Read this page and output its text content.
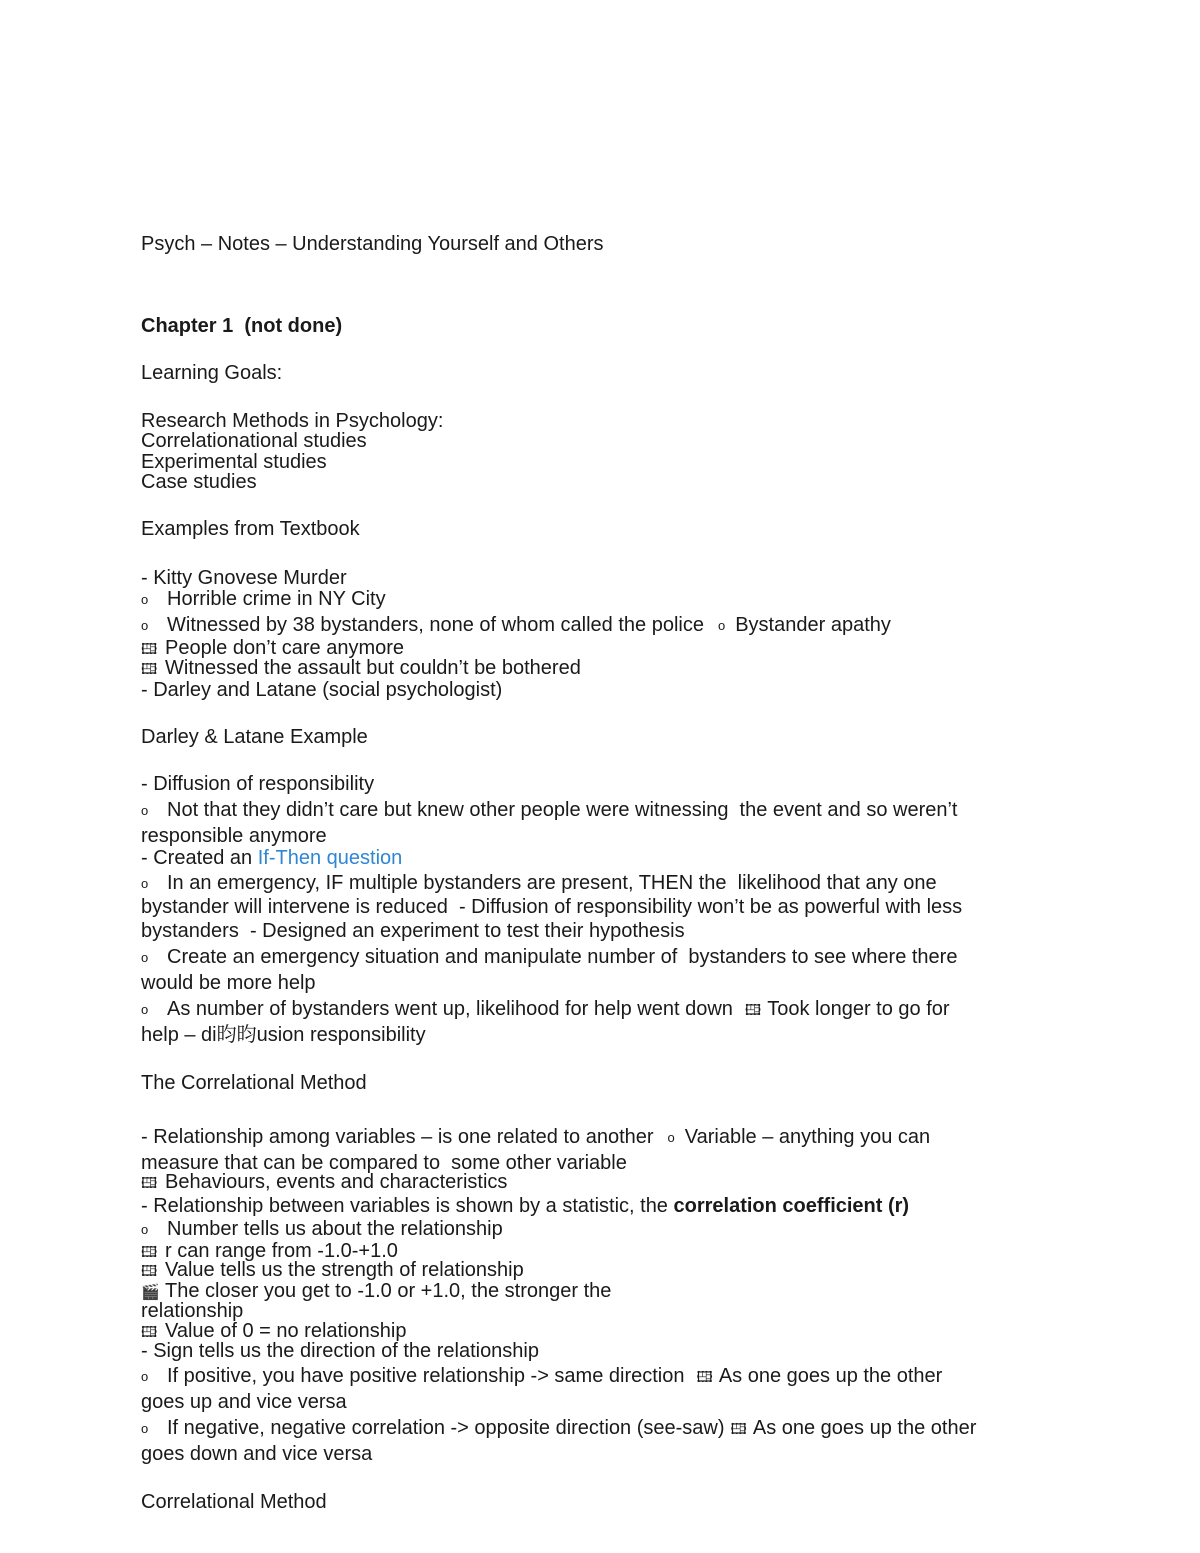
Psych – Notes – Understanding Yourself and Others

Chapter 1  (not done)

Learning Goals:

Research Methods in Psychology:

Correlationational studies

Experimental studies

Case studies

Examples from Textbook

- Kitty Gnovese Murder

o Horrible crime in NY City

o Witnessed by 38 bystanders, none of whom called the police o Bystander apathy

🖽 People don’t care anymore

🖽 Witnessed the assault but couldn’t be bothered

- Darley and Latane (social psychologist)

Darley & Latane Example

- Diffusion of responsibility

o Not that they didn’t care but knew other people were witnessing  the event and so weren’t

responsible anymore

- Created an If-Then question

o In an emergency, IF multiple bystanders are present, THEN the  likelihood that any one

bystander will intervene is reduced  - Diffusion of responsibility won’t be as powerful with less

bystanders  - Designed an experiment to test their hypothesis

o Create an emergency situation and manipulate number of  bystanders to see where there

would be more help

o As number of bystanders went up, likelihood for help went down 🖽 Took longer to go for

help – di昀昀usion responsibility

The Correlational Method

- Relationship among variables – is one related to another o Variable – anything you can

measure that can be compared to  some other variable

🖽 Behaviours, events and characteristics

- Relationship between variables is shown by a statistic, the correlation coefficient (r)

o Number tells us about the relationship

🖽 r can range from -1.0-+1.0

🖽 Value tells us the strength of relationship

🎬 The closer you get to -1.0 or +1.0, the stronger the

relationship

🖽 Value of 0 = no relationship

- Sign tells us the direction of the relationship

o If positive, you have positive relationship -> same direction 🖽 As one goes up the other

goes up and vice versa

o If negative, negative correlation -> opposite direction (see-saw) 🖽 As one goes up the other

goes down and vice versa

Correlational Method
